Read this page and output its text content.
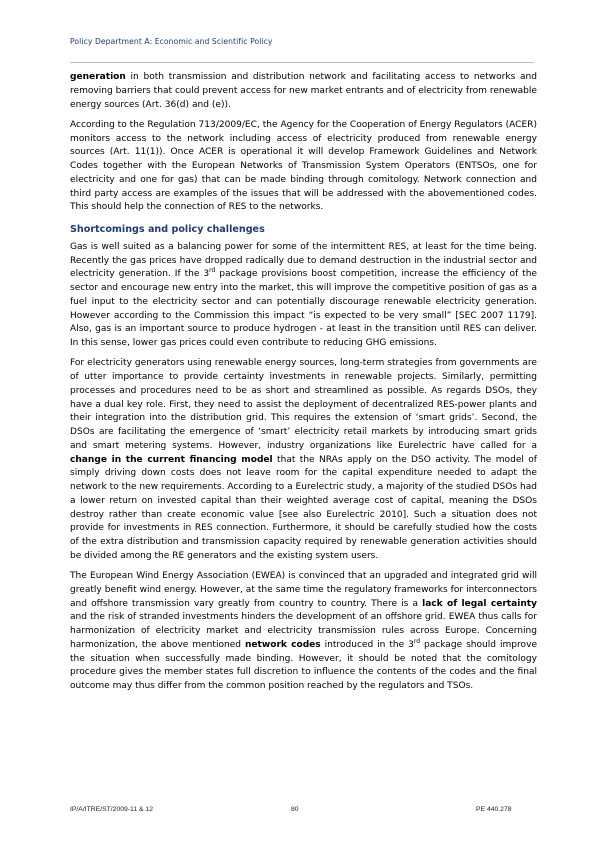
Policy Department A: Economic and Scientific Policy

generation in both transmission and distribution network and facilitating access to networks and removing barriers that could prevent access for new market entrants and of electricity from renewable energy sources (Art. 36(d) and (e)).

According to the Regulation 713/2009/EC, the Agency for the Cooperation of Energy Regulators (ACER) monitors access to the network including access of electricity produced from renewable energy sources (Art. 11(1)). Once ACER is operational it will develop Framework Guidelines and Network Codes together with the European Networks of Transmission System Operators (ENTSOs, one for electricity and one for gas) that can be made binding through comitology. Network connection and third party access are examples of the issues that will be addressed with the abovementioned codes. This should help the connection of RES to the networks.

Shortcomings and policy challenges

Gas is well suited as a balancing power for some of the intermittent RES, at least for the time being. Recently the gas prices have dropped radically due to demand destruction in the industrial sector and electricity generation. If the 3rd package provisions boost competition, increase the efficiency of the sector and encourage new entry into the market, this will improve the competitive position of gas as a fuel input to the electricity sector and can potentially discourage renewable electricity generation. However according to the Commission this impact “is expected to be very small” [SEC 2007 1179]. Also, gas is an important source to produce hydrogen - at least in the transition until RES can deliver. In this sense, lower gas prices could even contribute to reducing GHG emissions.

For electricity generators using renewable energy sources, long-term strategies from governments are of utter importance to provide certainty investments in renewable projects. Similarly, permitting processes and procedures need to be as short and streamlined as possible. As regards DSOs, they have a dual key role. First, they need to assist the deployment of decentralized RES-power plants and their integration into the distribution grid. This requires the extension of ‘smart grids’. Second, the DSOs are facilitating the emergence of ‘smart’ electricity retail markets by introducing smart grids and smart metering systems. However, industry organizations like Eurelectric have called for a change in the current financing model that the NRAs apply on the DSO activity. The model of simply driving down costs does not leave room for the capital expenditure needed to adapt the network to the new requirements. According to a Eurelectric study, a majority of the studied DSOs had a lower return on invested capital than their weighted average cost of capital, meaning the DSOs destroy rather than create economic value [see also Eurelectric 2010]. Such a situation does not provide for investments in RES connection. Furthermore, it should be carefully studied how the costs of the extra distribution and transmission capacity required by renewable generation activities should be divided among the RE generators and the existing system users.

The European Wind Energy Association (EWEA) is convinced that an upgraded and integrated grid will greatly benefit wind energy. However, at the same time the regulatory frameworks for interconnectors and offshore transmission vary greatly from country to country. There is a lack of legal certainty and the risk of stranded investments hinders the development of an offshore grid. EWEA thus calls for harmonization of electricity market and electricity transmission rules across Europe. Concerning harmonization, the above mentioned network codes introduced in the 3rd package should improve the situation when successfully made binding. However, it should be noted that the comitology procedure gives the member states full discretion to influence the contents of the codes and the final outcome may thus differ from the common position reached by the regulators and TSOs.

IP/A/ITRE/ST/2009-11 & 12	80	PE 440.278
